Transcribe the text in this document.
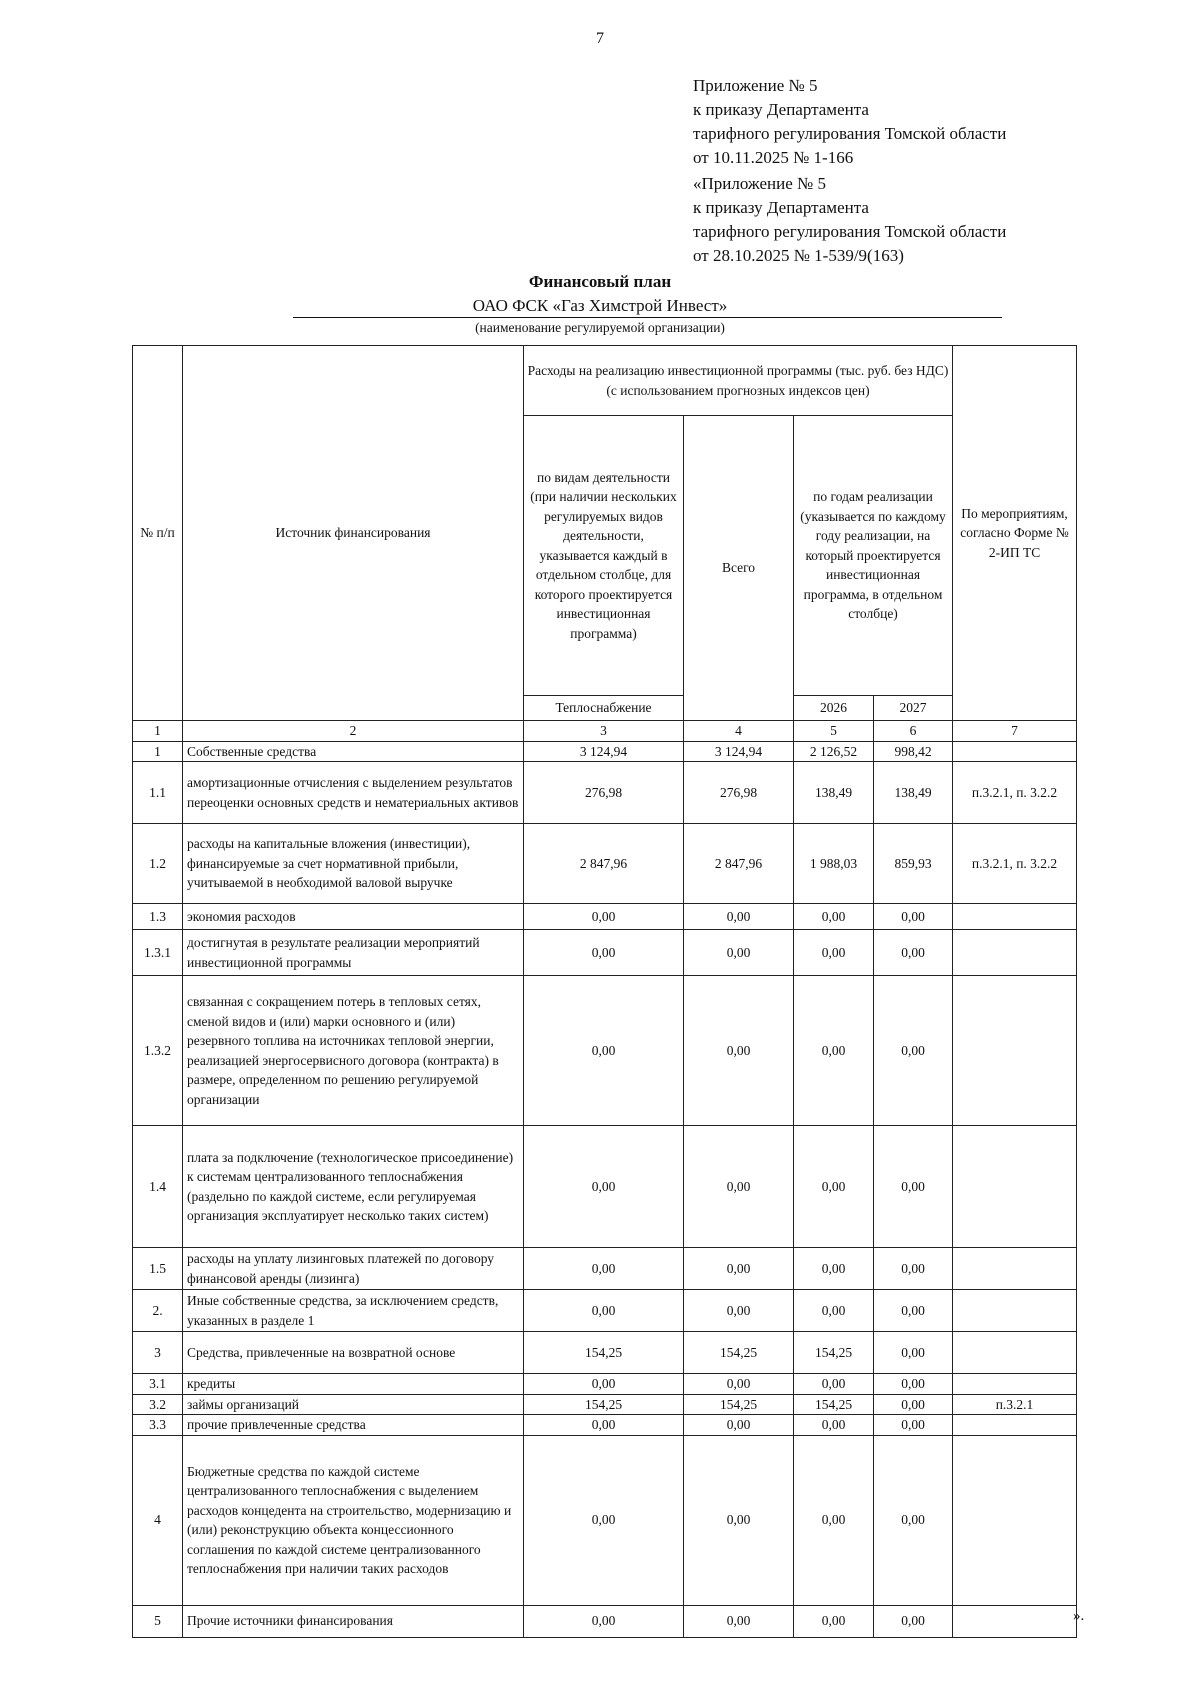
7
Приложение № 5
к приказу Департамента
тарифного регулирования Томской области
от 10.11.2025 № 1-166
«Приложение № 5
к приказу Департамента
тарифного регулирования Томской области
от 28.10.2025 № 1-539/9(163)
Финансовый план
ОАО ФСК «Газ Химстрой Инвест»
(наименование регулируемой организации)
№ п/п	Источник финансирования	Расходы на реализацию инвестиционной программы (тыс. руб. без НДС) (с использованием прогнозных индексов цен)				По мероприятиям, согласно Форме № 2-ИП ТС
		по видам деятельности (при наличии нескольких регулируемых видов деятельности, указывается каждый в отдельном столбце, для которого проектируется инвестиционная программа)	Всего	по годам реализации (указывается по каждому году реализации, на который проектируется инвестиционная программа, в отдельном столбце)		
		Теплоснабжение		2026	2027	
1	2	3	4	5	6	7
1	Собственные средства	3 124,94	3 124,94	2 126,52	998,42	
1.1	амортизационные отчисления с выделением результатов переоценки основных средств и нематериальных активов	276,98	276,98	138,49	138,49	п.3.2.1, п. 3.2.2
1.2	расходы на капитальные вложения (инвестиции), финансируемые за счет нормативной прибыли, учитываемой в необходимой валовой выручке	2 847,96	2 847,96	1 988,03	859,93	п.3.2.1, п. 3.2.2
1.3	экономия расходов	0,00	0,00	0,00	0,00	
1.3.1	достигнутая в результате реализации мероприятий инвестиционной программы	0,00	0,00	0,00	0,00	
1.3.2	связанная с сокращением потерь в тепловых сетях, сменой видов и (или) марки основного и (или) резервного топлива на источниках тепловой энергии, реализацией энергосервисного договора (контракта) в размере, определенном по решению регулируемой организации	0,00	0,00	0,00	0,00	
1.4	плата за подключение (технологическое присоединение) к системам централизованного теплоснабжения (раздельно по каждой системе, если регулируемая организация эксплуатирует несколько таких систем)	0,00	0,00	0,00	0,00	
1.5	расходы на уплату лизинговых платежей по договору финансовой аренды (лизинга)	0,00	0,00	0,00	0,00	
2.	Иные собственные средства, за исключением средств, указанных в разделе 1	0,00	0,00	0,00	0,00	
3	Средства, привлеченные на возвратной основе	154,25	154,25	154,25	0,00	
3.1	кредиты	0,00	0,00	0,00	0,00	
3.2	займы организаций	154,25	154,25	154,25	0,00	п.3.2.1
3.3	прочие привлеченные средства	0,00	0,00	0,00	0,00	
4	Бюджетные средства по каждой системе централизованного теплоснабжения с выделением расходов концедента на строительство, модернизацию и (или) реконструкцию объекта концессионного соглашения по каждой системе централизованного теплоснабжения при наличии таких расходов	0,00	0,00	0,00	0,00	
5	Прочие источники финансирования	0,00	0,00	0,00	0,00		».
